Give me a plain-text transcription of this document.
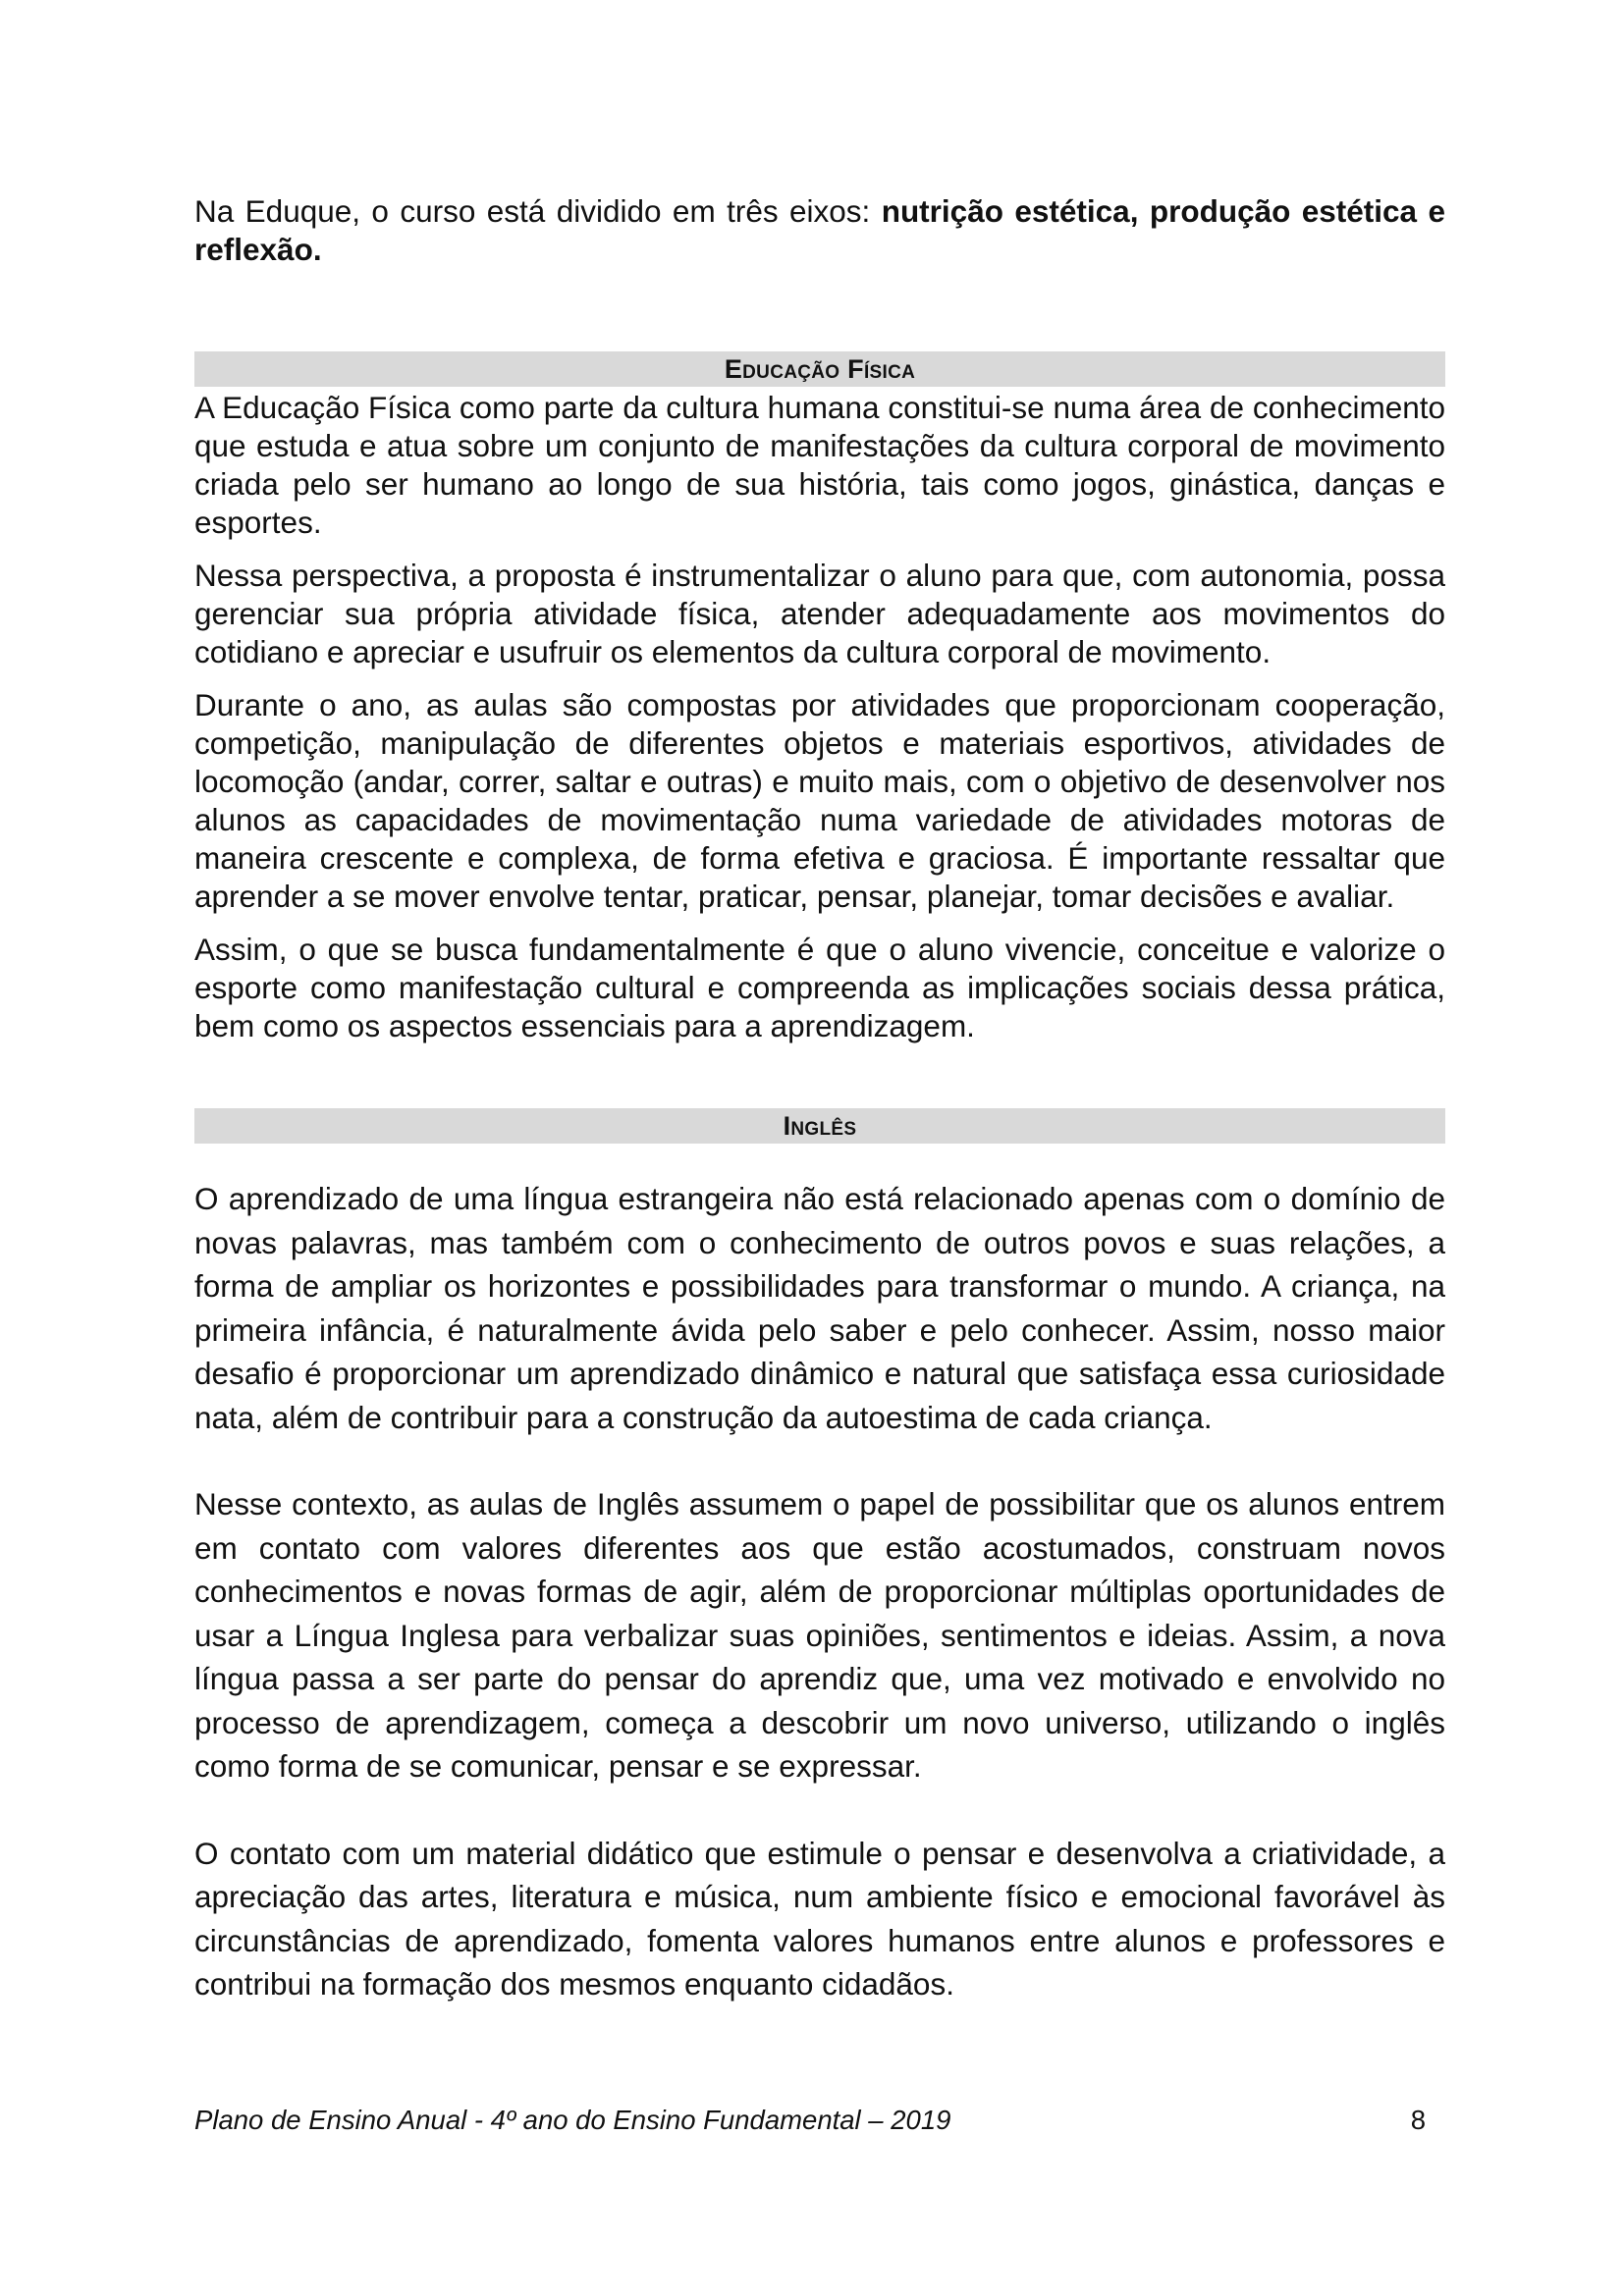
Na Eduque, o curso está dividido em três eixos: nutrição estética, produção estética e reflexão.

Educação Física

A Educação Física como parte da cultura humana constitui-se numa área de conhecimento que estuda e atua sobre um conjunto de manifestações da cultura corporal de movimento criada pelo ser humano ao longo de sua história, tais como jogos, ginástica, danças e esportes.

Nessa perspectiva, a proposta é instrumentalizar o aluno para que, com autonomia, possa gerenciar sua própria atividade física, atender adequadamente aos movimentos do cotidiano e apreciar e usufruir os elementos da cultura corporal de movimento.

Durante o ano, as aulas são compostas por atividades que proporcionam cooperação, competição, manipulação de diferentes objetos e materiais esportivos, atividades de locomoção (andar, correr, saltar e outras) e muito mais, com o objetivo de desenvolver nos alunos as capacidades de movimentação numa variedade de atividades motoras de maneira crescente e complexa, de forma efetiva e graciosa. É importante ressaltar que aprender a se mover envolve tentar, praticar, pensar, planejar, tomar decisões e avaliar.

Assim, o que se busca fundamentalmente é que o aluno vivencie, conceitue e valorize o esporte como manifestação cultural e compreenda as implicações sociais dessa prática, bem como os aspectos essenciais para a aprendizagem.

Inglês

O aprendizado de uma língua estrangeira não está relacionado apenas com o domínio de novas palavras, mas também com o conhecimento de outros povos e suas relações, a forma de ampliar os horizontes e possibilidades para transformar o mundo. A criança, na primeira infância, é naturalmente ávida pelo saber e pelo conhecer. Assim, nosso maior desafio é proporcionar um aprendizado dinâmico e natural que satisfaça essa curiosidade nata, além de contribuir para a construção da autoestima de cada criança.

Nesse contexto, as aulas de Inglês assumem o papel de possibilitar que os alunos entrem em contato com valores diferentes aos que estão acostumados, construam novos conhecimentos e novas formas de agir, além de proporcionar múltiplas oportunidades de usar a Língua Inglesa para verbalizar suas opiniões, sentimentos e ideias. Assim, a nova língua passa a ser parte do pensar do aprendiz que, uma vez motivado e envolvido no processo de aprendizagem, começa a descobrir um novo universo, utilizando o inglês como forma de se comunicar, pensar e se expressar.

O contato com um material didático que estimule o pensar e desenvolva a criatividade, a apreciação das artes, literatura e música, num ambiente físico e emocional favorável às circunstâncias de aprendizado, fomenta valores humanos entre alunos e professores e contribui na formação dos mesmos enquanto cidadãos.

Plano de Ensino Anual - 4º ano do Ensino Fundamental – 2019	8
